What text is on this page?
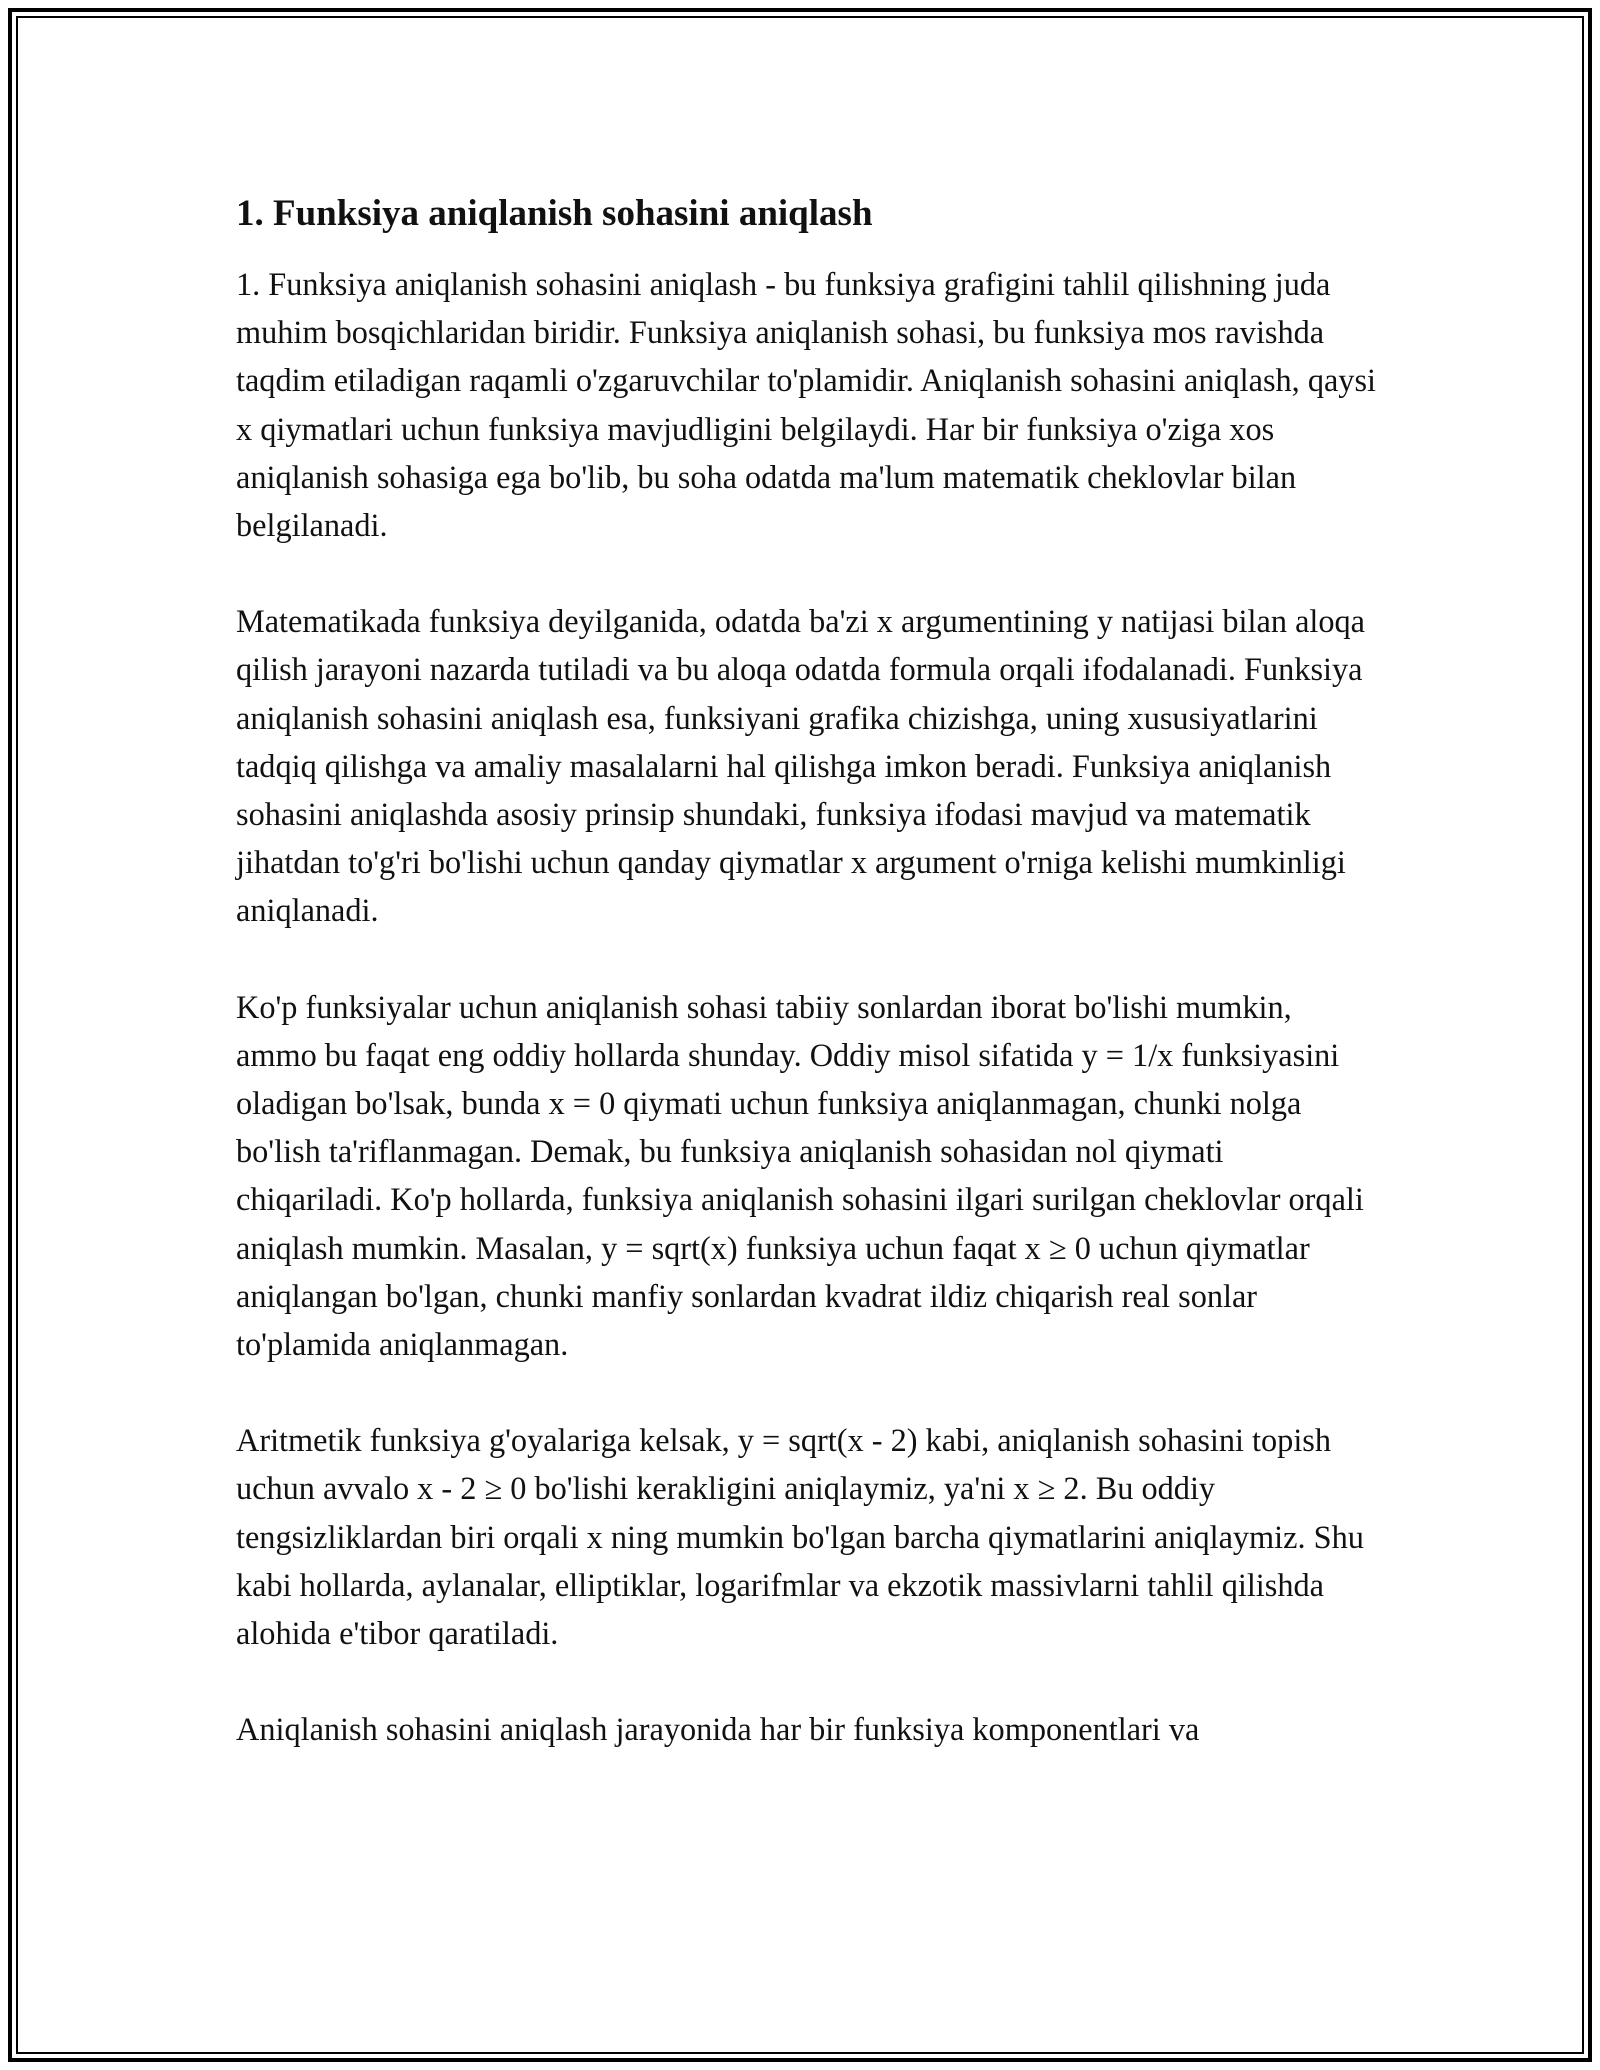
1. Funksiya aniqlanish sohasini aniqlash

1. Funksiya aniqlanish sohasini aniqlash - bu funksiya grafigini tahlil qilishning juda muhim bosqichlaridan biridir. Funksiya aniqlanish sohasi, bu funksiya mos ravishda taqdim etiladigan raqamli o'zgaruvchilar to'plamidir. Aniqlanish sohasini aniqlash, qaysi x qiymatlari uchun funksiya mavjudligini belgilaydi. Har bir funksiya o'ziga xos aniqlanish sohasiga ega bo'lib, bu soha odatda ma'lum matematik cheklovlar bilan belgilanadi.

Matematikada funksiya deyilganida, odatda ba'zi x argumentining y natijasi bilan aloqa qilish jarayoni nazarda tutiladi va bu aloqa odatda formula orqali ifodalanadi. Funksiya aniqlanish sohasini aniqlash esa, funksiyani grafika chizishga, uning xususiyatlarini tadqiq qilishga va amaliy masalalarni hal qilishga imkon beradi. Funksiya aniqlanish sohasini aniqlashda asosiy prinsip shundaki, funksiya ifodasi mavjud va matematik jihatdan to'g'ri bo'lishi uchun qanday qiymatlar x argument o'rniga kelishi mumkinligi aniqlanadi.

Ko'p funksiyalar uchun aniqlanish sohasi tabiiy sonlardan iborat bo'lishi mumkin, ammo bu faqat eng oddiy hollarda shunday. Oddiy misol sifatida y = 1/x funksiyasini oladigan bo'lsak, bunda x = 0 qiymati uchun funksiya aniqlanmagan, chunki nolga bo'lish ta'riflanmagan. Demak, bu funksiya aniqlanish sohasidan nol qiymati chiqariladi. Ko'p hollarda, funksiya aniqlanish sohasini ilgari surilgan cheklovlar orqali aniqlash mumkin. Masalan, y = sqrt(x) funksiya uchun faqat x ≥ 0 uchun qiymatlar aniqlangan bo'lgan, chunki manfiy sonlardan kvadrat ildiz chiqarish real sonlar to'plamida aniqlanmagan.

Aritmetik funksiya g'oyalariga kelsak, y = sqrt(x - 2) kabi, aniqlanish sohasini topish uchun avvalo x - 2 ≥ 0 bo'lishi kerakligini aniqlaymiz, ya'ni x ≥ 2. Bu oddiy tengsizliklardan biri orqali x ning mumkin bo'lgan barcha qiymatlarini aniqlaymiz. Shu kabi hollarda, aylanalar, elliptiklar, logarifmlar va ekzotik massivlarni tahlil qilishda alohida e'tibor qaratiladi.

Aniqlanish sohasini aniqlash jarayonida har bir funksiya komponentlari va
